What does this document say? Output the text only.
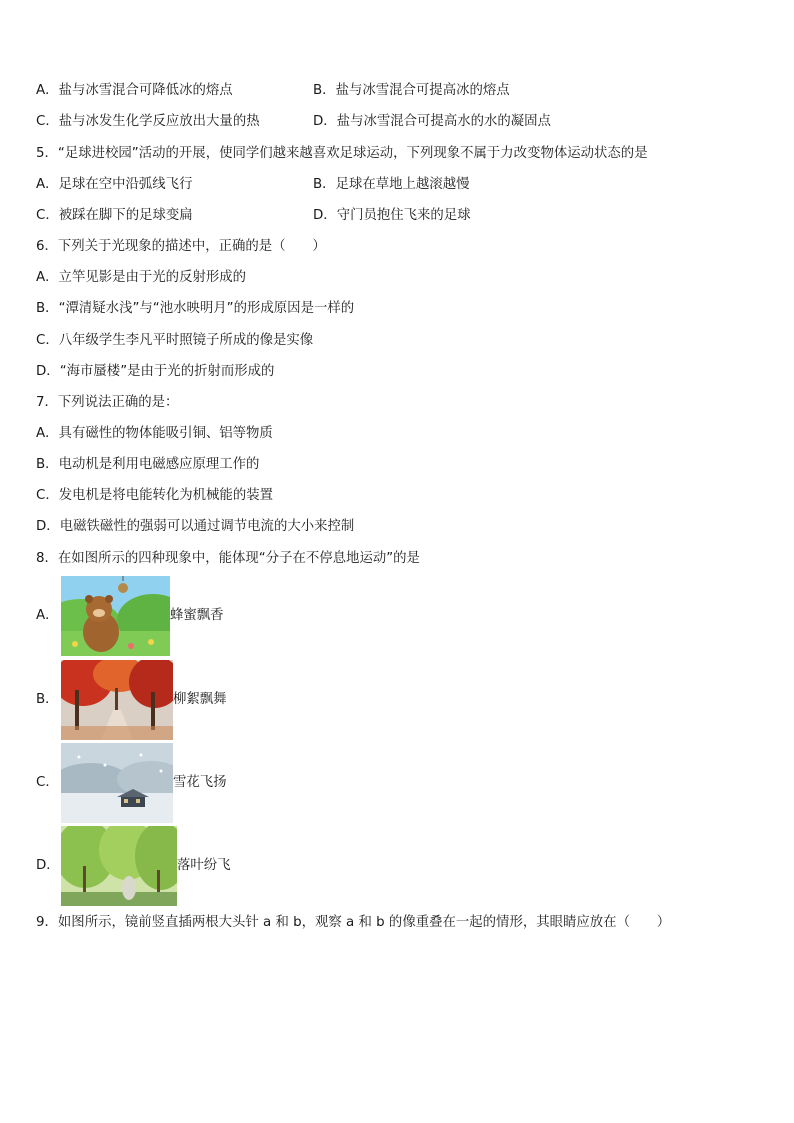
A．盐与冰雪混合可降低冰的熔点	B．盐与冰雪混合可提高冰的熔点
C．盐与冰发生化学反应放出大量的热	D．盐与冰雪混合可提高水的水的凝固点
5．“足球进校园”活动的开展，使同学们越来越喜欢足球运动，下列现象不属于力改变物体运动状态的是
A．足球在空中沿弧线飞行	B．足球在草地上越滚越慢
C．被踩在脚下的足球变扁	D．守门员抱住飞来的足球
6．下列关于光现象的描述中，正确的是（　　）
A．立竿见影是由于光的反射形成的
B．“潭清疑水浅”与“池水映明月”的形成原因是一样的
C．八年级学生李凡平时照镜子所成的像是实像
D．“海市蜃楼”是由于光的折射而形成的
7．下列说法正确的是：
A．具有磁性的物体能吸引铜、铝等物质
B．电动机是利用电磁感应原理工作的
C．发电机是将电能转化为机械能的装置
D．电磁铁磁性的强弱可以通过调节电流的大小来控制
8．在如图所示的四种现象中，能体现“分子在不停息地运动”的是
A．	蜂蜜飘香
B．	柳絮飘舞
C．	雪花飞扬
D．	落叶纷飞
9．如图所示，镜前竖直插两根大头针 a 和 b，观察 a 和 b 的像重叠在一起的情形，其眼睛应放在（　　）
